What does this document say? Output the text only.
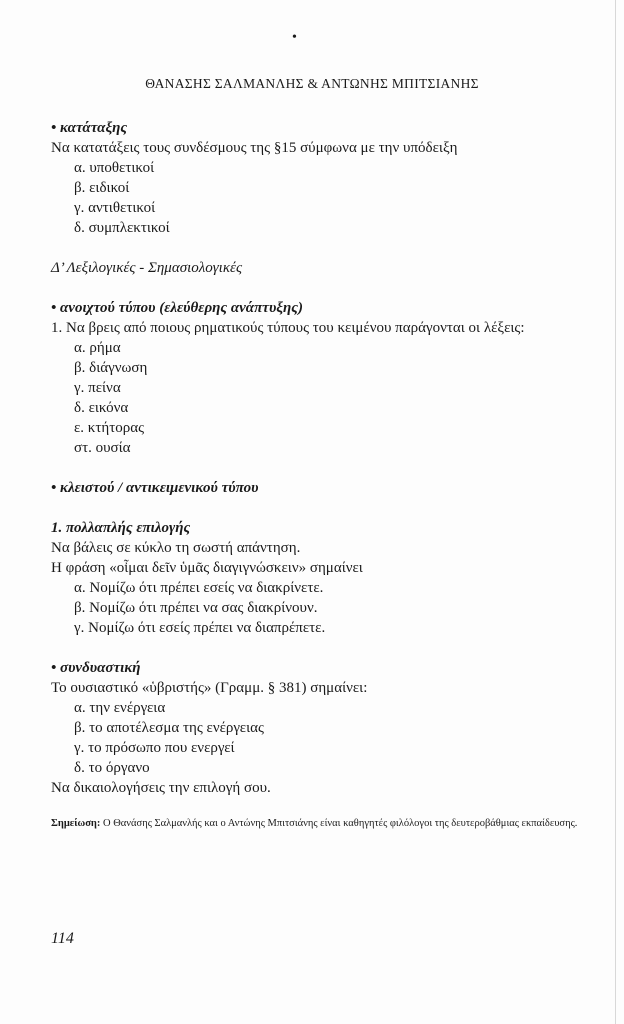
•
ΘΑΝΑΣΗΣ ΣΑΛΜΑΝΛΗΣ & ΑΝΤΩΝΗΣ ΜΠΙΤΣΙΑΝΗΣ
• κατάταξης
Να κατατάξεις τους συνδέσμους της §15 σύμφωνα με την υπόδειξη
α. υποθετικοί
β. ειδικοί
γ. αντιθετικοί
δ. συμπλεκτικοί
Δ’ Λεξιλογικές - Σημασιολογικές
• ανοιχτού τύπου (ελεύθερης ανάπτυξης)
1. Να βρεις από ποιους ρηματικούς τύπους του κειμένου παράγονται οι λέξεις:
α. ρήμα
β. διάγνωση
γ. πείνα
δ. εικόνα
ε. κτήτορας
στ. ουσία
• κλειστού / αντικειμενικού τύπου
1. πολλαπλής επιλογής
Να βάλεις σε κύκλο τη σωστή απάντηση.
Η φράση «οἶμαι δεῖν ὑμᾶς διαγιγνώσκειν» σημαίνει
α. Νομίζω ότι πρέπει εσείς να διακρίνετε.
β. Νομίζω ότι πρέπει να σας διακρίνουν.
γ. Νομίζω ότι εσείς πρέπει να διαπρέπετε.
• συνδυαστική
Το ουσιαστικό «ὑβριστής» (Γραμμ. § 381) σημαίνει:
α. την ενέργεια
β. το αποτέλεσμα της ενέργειας
γ. το πρόσωπο που ενεργεί
δ. το όργανο
Να δικαιολογήσεις την επιλογή σου.
Σημείωση: Ο Θανάσης Σαλμανλής και ο Αντώνης Μπιτσιάνης είναι καθηγητές φιλόλογοι της δευτεροβάθμιας εκπαίδευσης.
114
